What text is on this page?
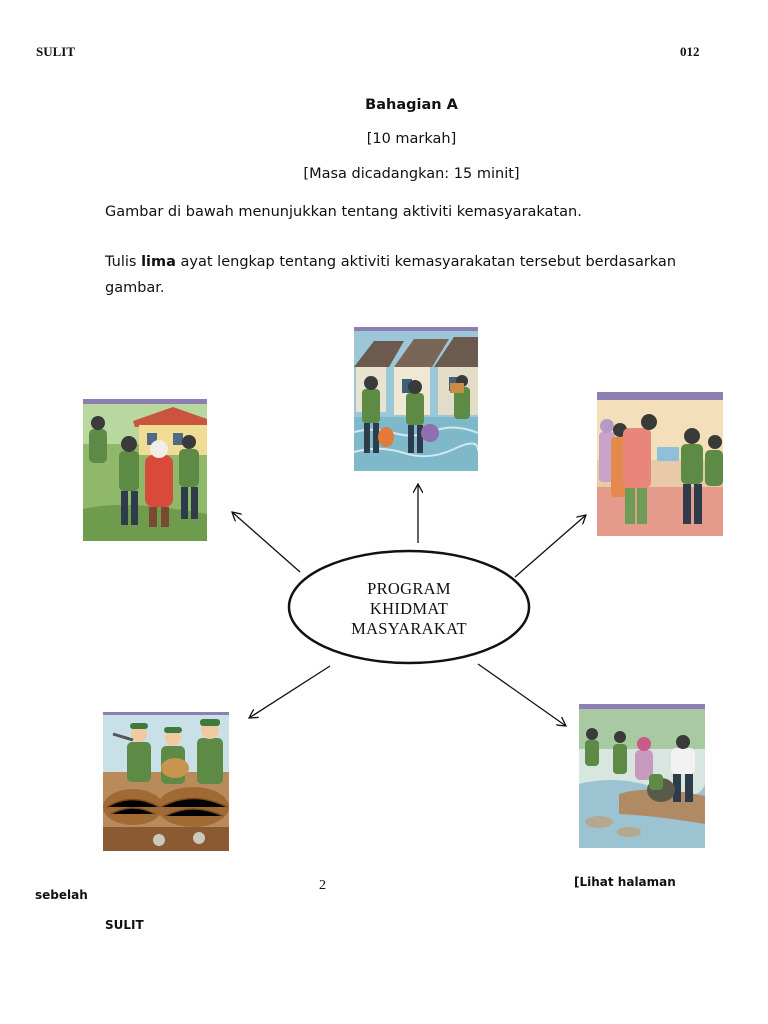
SULIT	012
Bahagian A
[10 markah]
[Masa dicadangkan: 15 minit]
Gambar di bawah menunjukkan tentang aktiviti kemasyarakatan.
Tulis lima ayat lengkap tentang aktiviti kemasyarakatan tersebut berdasarkan gambar.
PROGRAM
KHIDMAT
MASYARAKAT
2	[Lihat halaman
sebelah
SULIT
